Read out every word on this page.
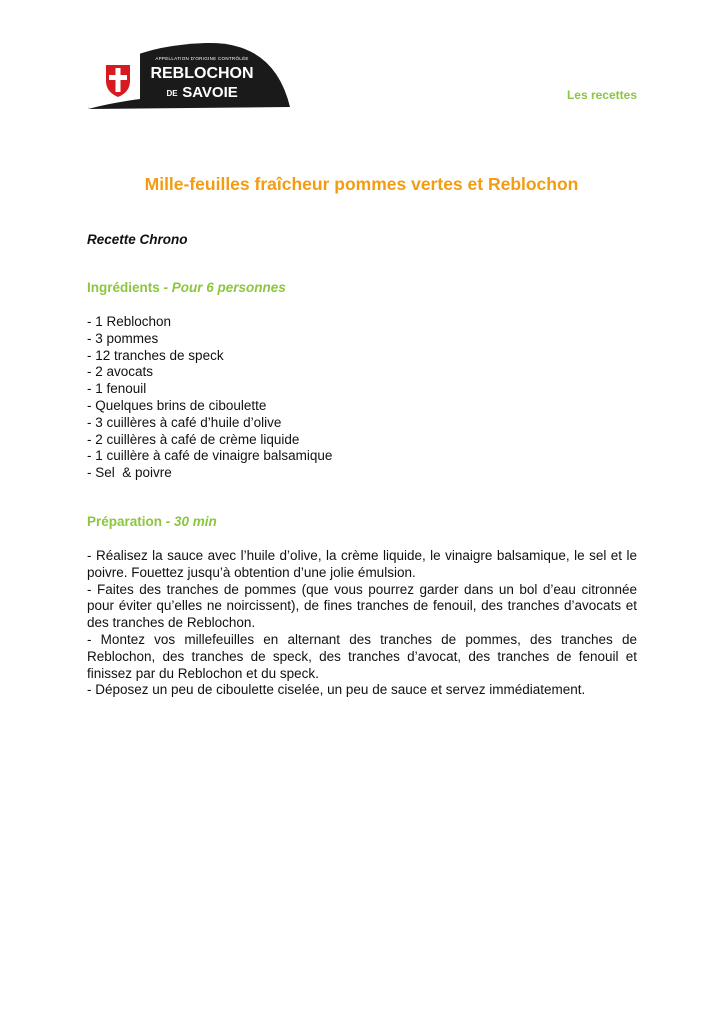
APPELLATION D'ORIGINE CONTRÔLÉE
REBLOCHON
DE SAVOIE	Les recettes
Mille-feuilles fraîcheur pommes vertes et Reblochon

Recette Chrono

Ingrédients - Pour 6 personnes
- 1 Reblochon
- 3 pommes
- 12 tranches de speck
- 2 avocats
- 1 fenouil
- Quelques brins de ciboulette
- 3 cuillères à café d’huile d’olive
- 2 cuillères à café de crème liquide
- 1 cuillère à café de vinaigre balsamique
- Sel  & poivre
Préparation - 30 min

- Réalisez la sauce avec l’huile d’olive, la crème liquide, le vinaigre balsamique, le sel et le poivre. Fouettez jusqu’à obtention d’une jolie émulsion.

- Faites des tranches de pommes (que vous pourrez garder dans un bol d’eau citronnée pour éviter qu’elles ne noircissent), de fines tranches de fenouil, des tranches d’avocats et des tranches de Reblochon.

- Montez vos millefeuilles en alternant des tranches de pommes, des tranches de Reblochon, des tranches de speck, des tranches d’avocat, des tranches de fenouil et finissez par du Reblochon et du speck.

- Déposez un peu de ciboulette ciselée, un peu de sauce et servez immédiatement.
